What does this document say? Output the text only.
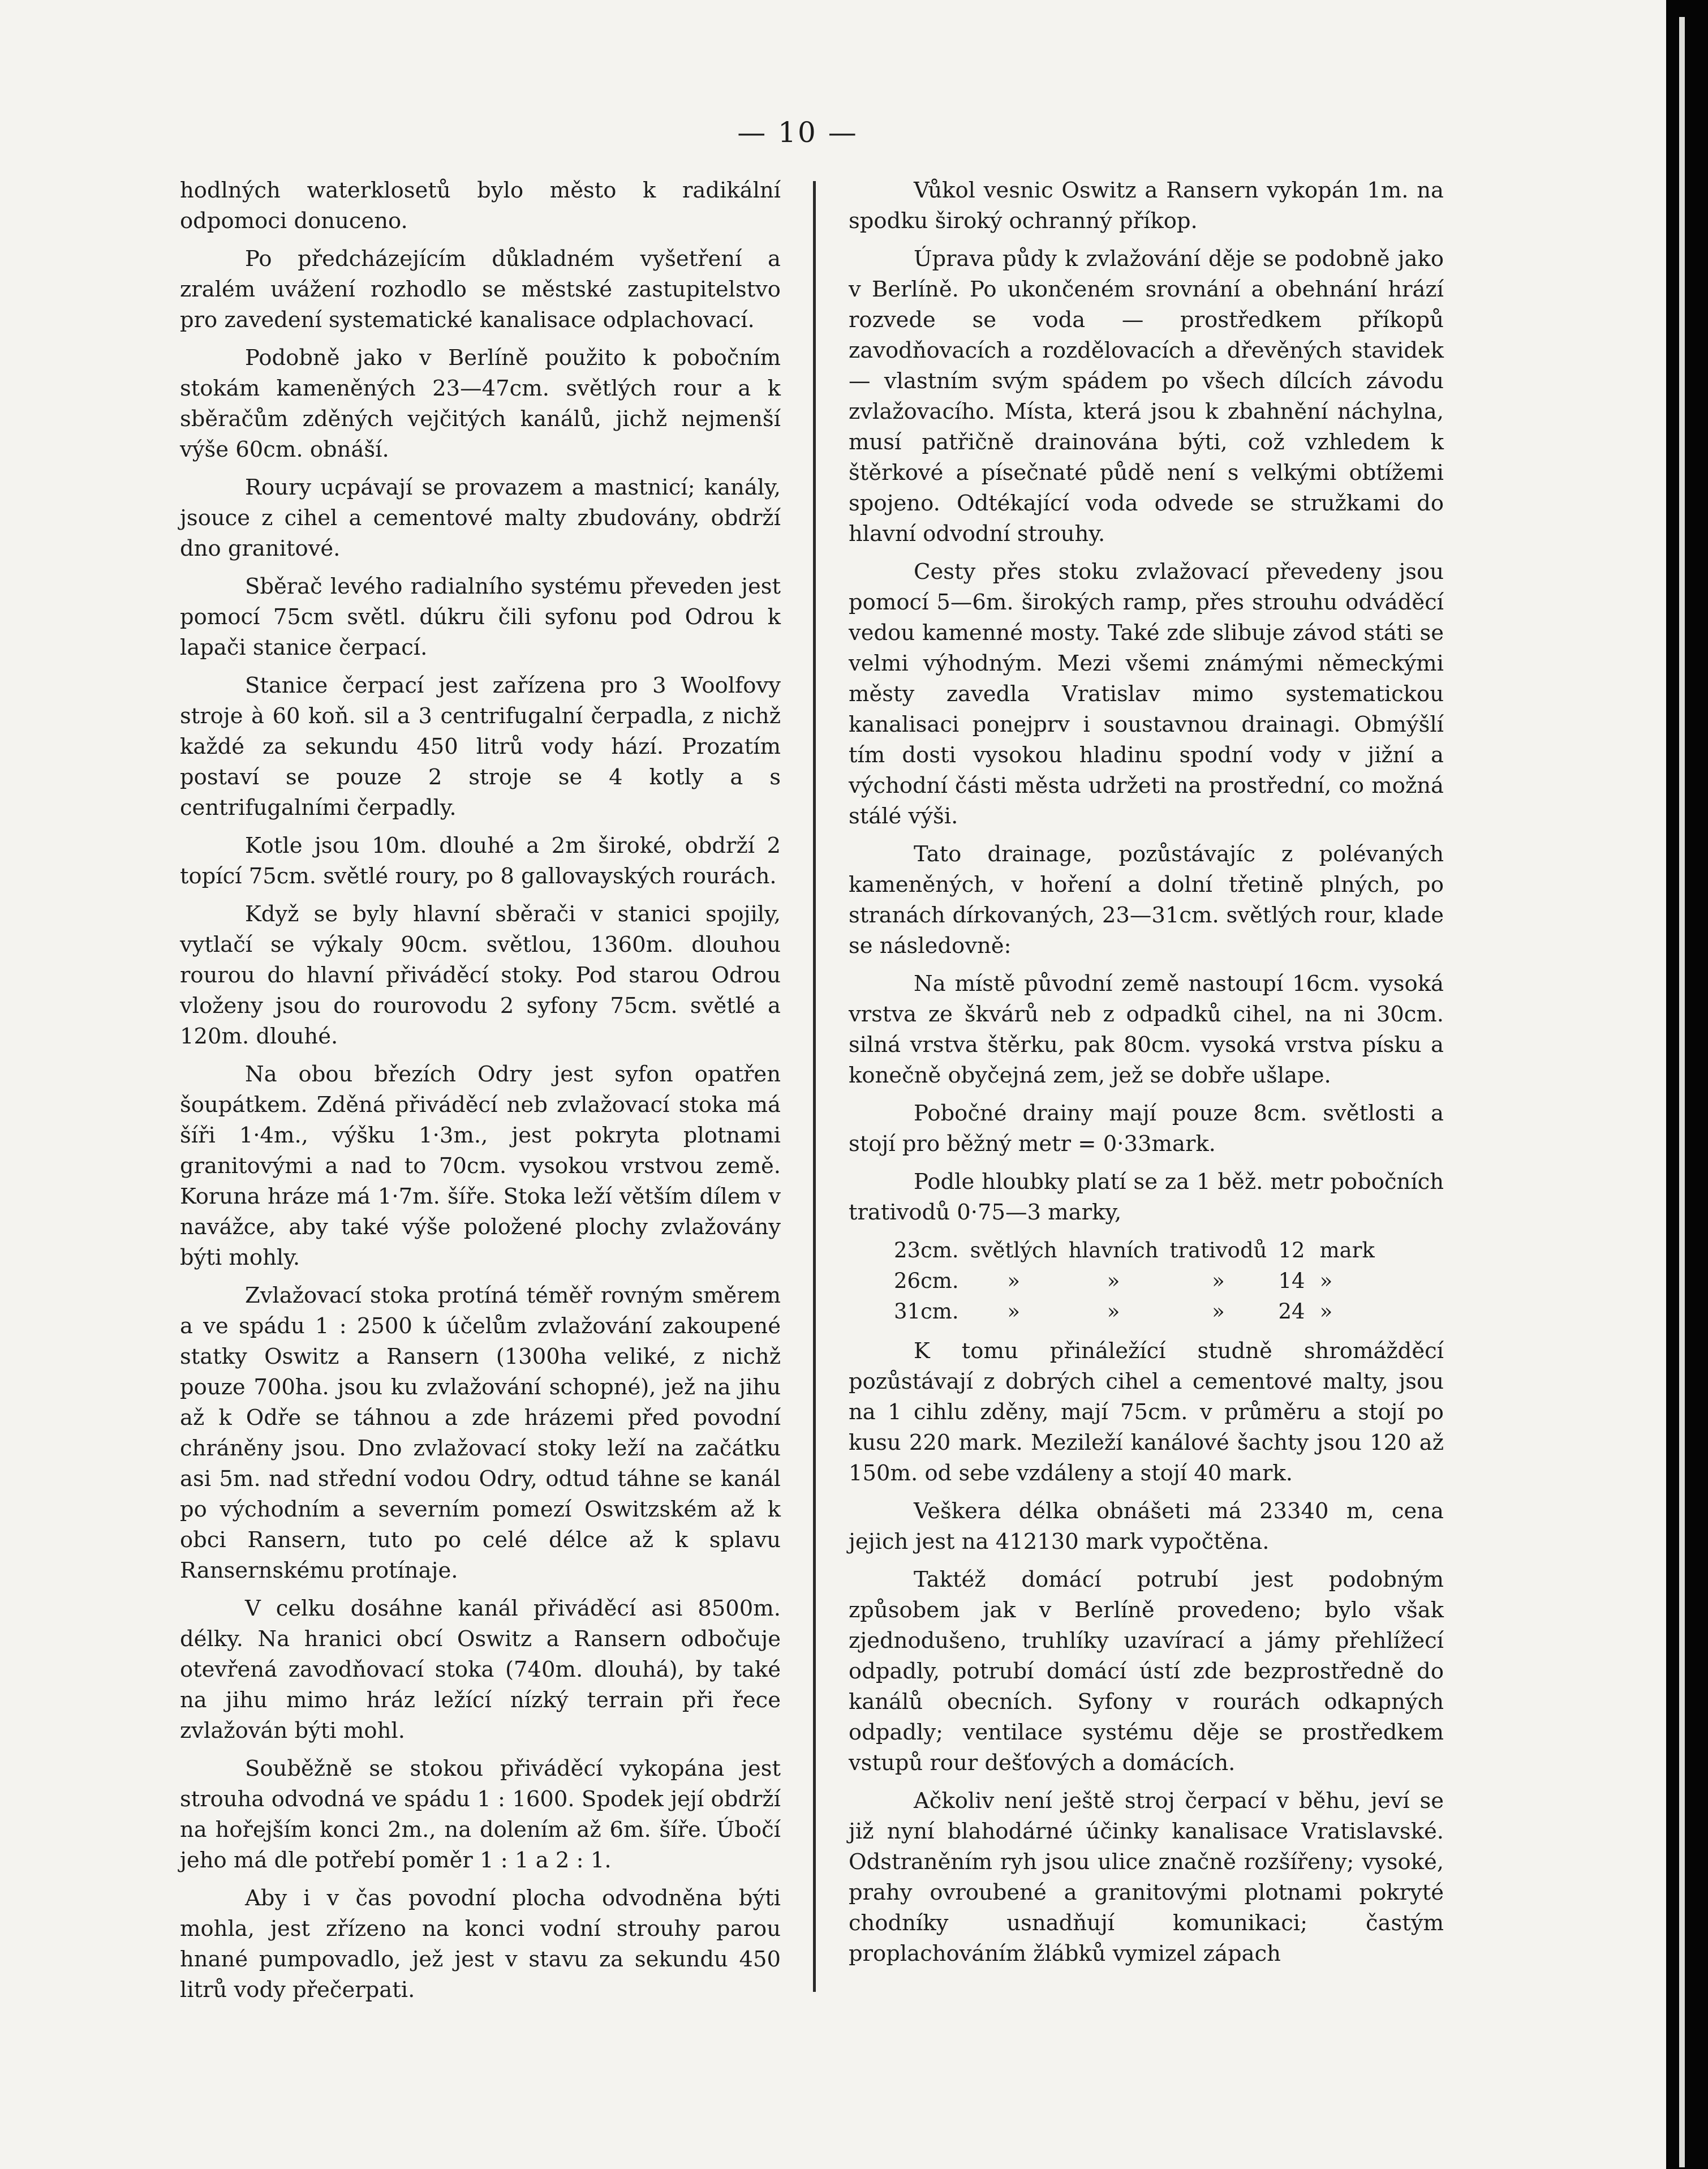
— 10 —

hodlných waterklosetů bylo město k radikální odpomoci donuceno.

Po předcházejícím důkladném vyšetření a zralém uvážení rozhodlo se městské zastupitelstvo pro zavedení systematické kanalisace odplachovací.

Podobně jako v Berlíně použito k pobočním stokám kameněných 23—47cm. světlých rour a k sběračům zděných vejčitých kanálů, jichž nejmenší výše 60cm. obnáší.

Roury ucpávají se provazem a mastnicí; kanály, jsouce z cihel a cementové malty zbudovány, obdrží dno granitové.

Sběrač levého radialního systému převeden jest pomocí 75cm světl. dúkru čili syfonu pod Odrou k lapači stanice čerpací.

Stanice čerpací jest zařízena pro 3 Woolfovy stroje à 60 koň. sil a 3 centrifugalní čerpadla, z nichž každé za sekundu 450 litrů vody hází. Prozatím postaví se pouze 2 stroje se 4 kotly a s centrifugalními čerpadly.

Kotle jsou 10m. dlouhé a 2m široké, obdrží 2 topící 75cm. světlé roury, po 8 gallovayských rourách.

Když se byly hlavní sběrači v stanici spojily, vytlačí se výkaly 90cm. světlou, 1360m. dlouhou rourou do hlavní přiváděcí stoky. Pod starou Odrou vloženy jsou do rourovodu 2 syfony 75cm. světlé a 120m. dlouhé.

Na obou březích Odry jest syfon opatřen šoupátkem. Zděná přiváděcí neb zvlažovací stoka má šíři 1·4m., výšku 1·3m., jest pokryta plotnami granitovými a nad to 70cm. vysokou vrstvou země. Koruna hráze má 1·7m. šíře. Stoka leží větším dílem v navážce, aby také výše položené plochy zvlažovány býti mohly.

Zvlažovací stoka protíná téměř rovným směrem a ve spádu 1 : 2500 k účelům zvlažování zakoupené statky Oswitz a Ransern (1300ha veliké, z nichž pouze 700ha. jsou ku zvlažování schopné), jež na jihu až k Odře se táhnou a zde hrázemi před povodní chráněny jsou. Dno zvlažovací stoky leží na začátku asi 5m. nad střední vodou Odry, odtud táhne se kanál po východním a severním pomezí Oswitzském až k obci Ransern, tuto po celé délce až k splavu Ransernskému protínaje.

V celku dosáhne kanál přiváděcí asi 8500m. délky. Na hranici obcí Oswitz a Ransern odbočuje otevřená zavodňovací stoka (740m. dlouhá), by také na jihu mimo hráz ležící nízký terrain při řece zvlažován býti mohl.

Souběžně se stokou přiváděcí vykopána jest strouha odvodná ve spádu 1 : 1600. Spodek její obdrží na hořejším konci 2m., na dolením až 6m. šíře. Úbočí jeho má dle potřebí poměr 1 : 1 a 2 : 1.

Aby i v čas povodní plocha odvodněna býti mohla, jest zřízeno na konci vodní strouhy parou hnané pumpovadlo, jež jest v stavu za sekundu 450 litrů vody přečerpati.

Vůkol vesnic Oswitz a Ransern vykopán 1m. na spodku široký ochranný příkop.

Úprava půdy k zvlažování děje se podobně jako v Berlíně. Po ukončeném srovnání a obehnání hrází rozvede se voda — prostředkem příkopů zavodňovacích a rozdělovacích a dřevěných stavidek — vlastním svým spádem po všech dílcích závodu zvlažovacího. Místa, která jsou k zbahnění náchylna, musí patřičně drainována býti, což vzhledem k štěrkové a písečnaté půdě není s velkými obtížemi spojeno. Odtékající voda odvede se stružkami do hlavní odvodní strouhy.

Cesty přes stoku zvlažovací převedeny jsou pomocí 5—6m. širokých ramp, přes strouhu odváděcí vedou kamenné mosty. Také zde slibuje závod státi se velmi výhodným. Mezi všemi známými německými městy zavedla Vratislav mimo systematickou kanalisaci ponejprv i soustavnou drainagi. Obmýšlí tím dosti vysokou hladinu spodní vody v jižní a východní části města udržeti na prostřední, co možná stálé výši.

Tato drainage, pozůstávajíc z polévaných kameněných, v hoření a dolní třetině plných, po stranách dírkovaných, 23—31cm. světlých rour, klade se následovně:

Na místě původní země nastoupí 16cm. vysoká vrstva ze škvárů neb z odpadků cihel, na ni 30cm. silná vrstva štěrku, pak 80cm. vysoká vrstva písku a konečně obyčejná zem, jež se dobře ušlape.

Pobočné drainy mají pouze 8cm. světlosti a stojí pro běžný metr = 0·33mark.

Podle hloubky platí se za 1 běž. metr pobočních trativodů 0·75—3 marky,

23cm.	světlých	hlavních	trativodů	12	mark
26cm.	»	»	»	14	»
31cm.	»	»	»	24	»

K tomu přináležící studně shromážděcí pozůstávají z dobrých cihel a cementové malty, jsou na 1 cihlu zděny, mají 75cm. v průměru a stojí po kusu 220 mark. Mezileží kanálové šachty jsou 120 až 150m. od sebe vzdáleny a stojí 40 mark.

Veškera délka obnášeti má 23340 m, cena jejich jest na 412130 mark vypočtěna.

Taktéž domácí potrubí jest podobným způsobem jak v Berlíně provedeno; bylo však zjednodušeno, truhlíky uzavírací a jámy přehlížecí odpadly, potrubí domácí ústí zde bezprostředně do kanálů obecních. Syfony v rourách odkapných odpadly; ventilace systému děje se prostředkem vstupů rour dešťových a domácích.

Ačkoliv není ještě stroj čerpací v běhu, jeví se již nyní blahodárné účinky kanalisace Vratislavské. Odstraněním ryh jsou ulice značně rozšířeny; vysoké, prahy ovroubené a granitovými plotnami pokryté chodníky usnadňují komunikaci; častým proplachováním žlábků vymizel zápach
